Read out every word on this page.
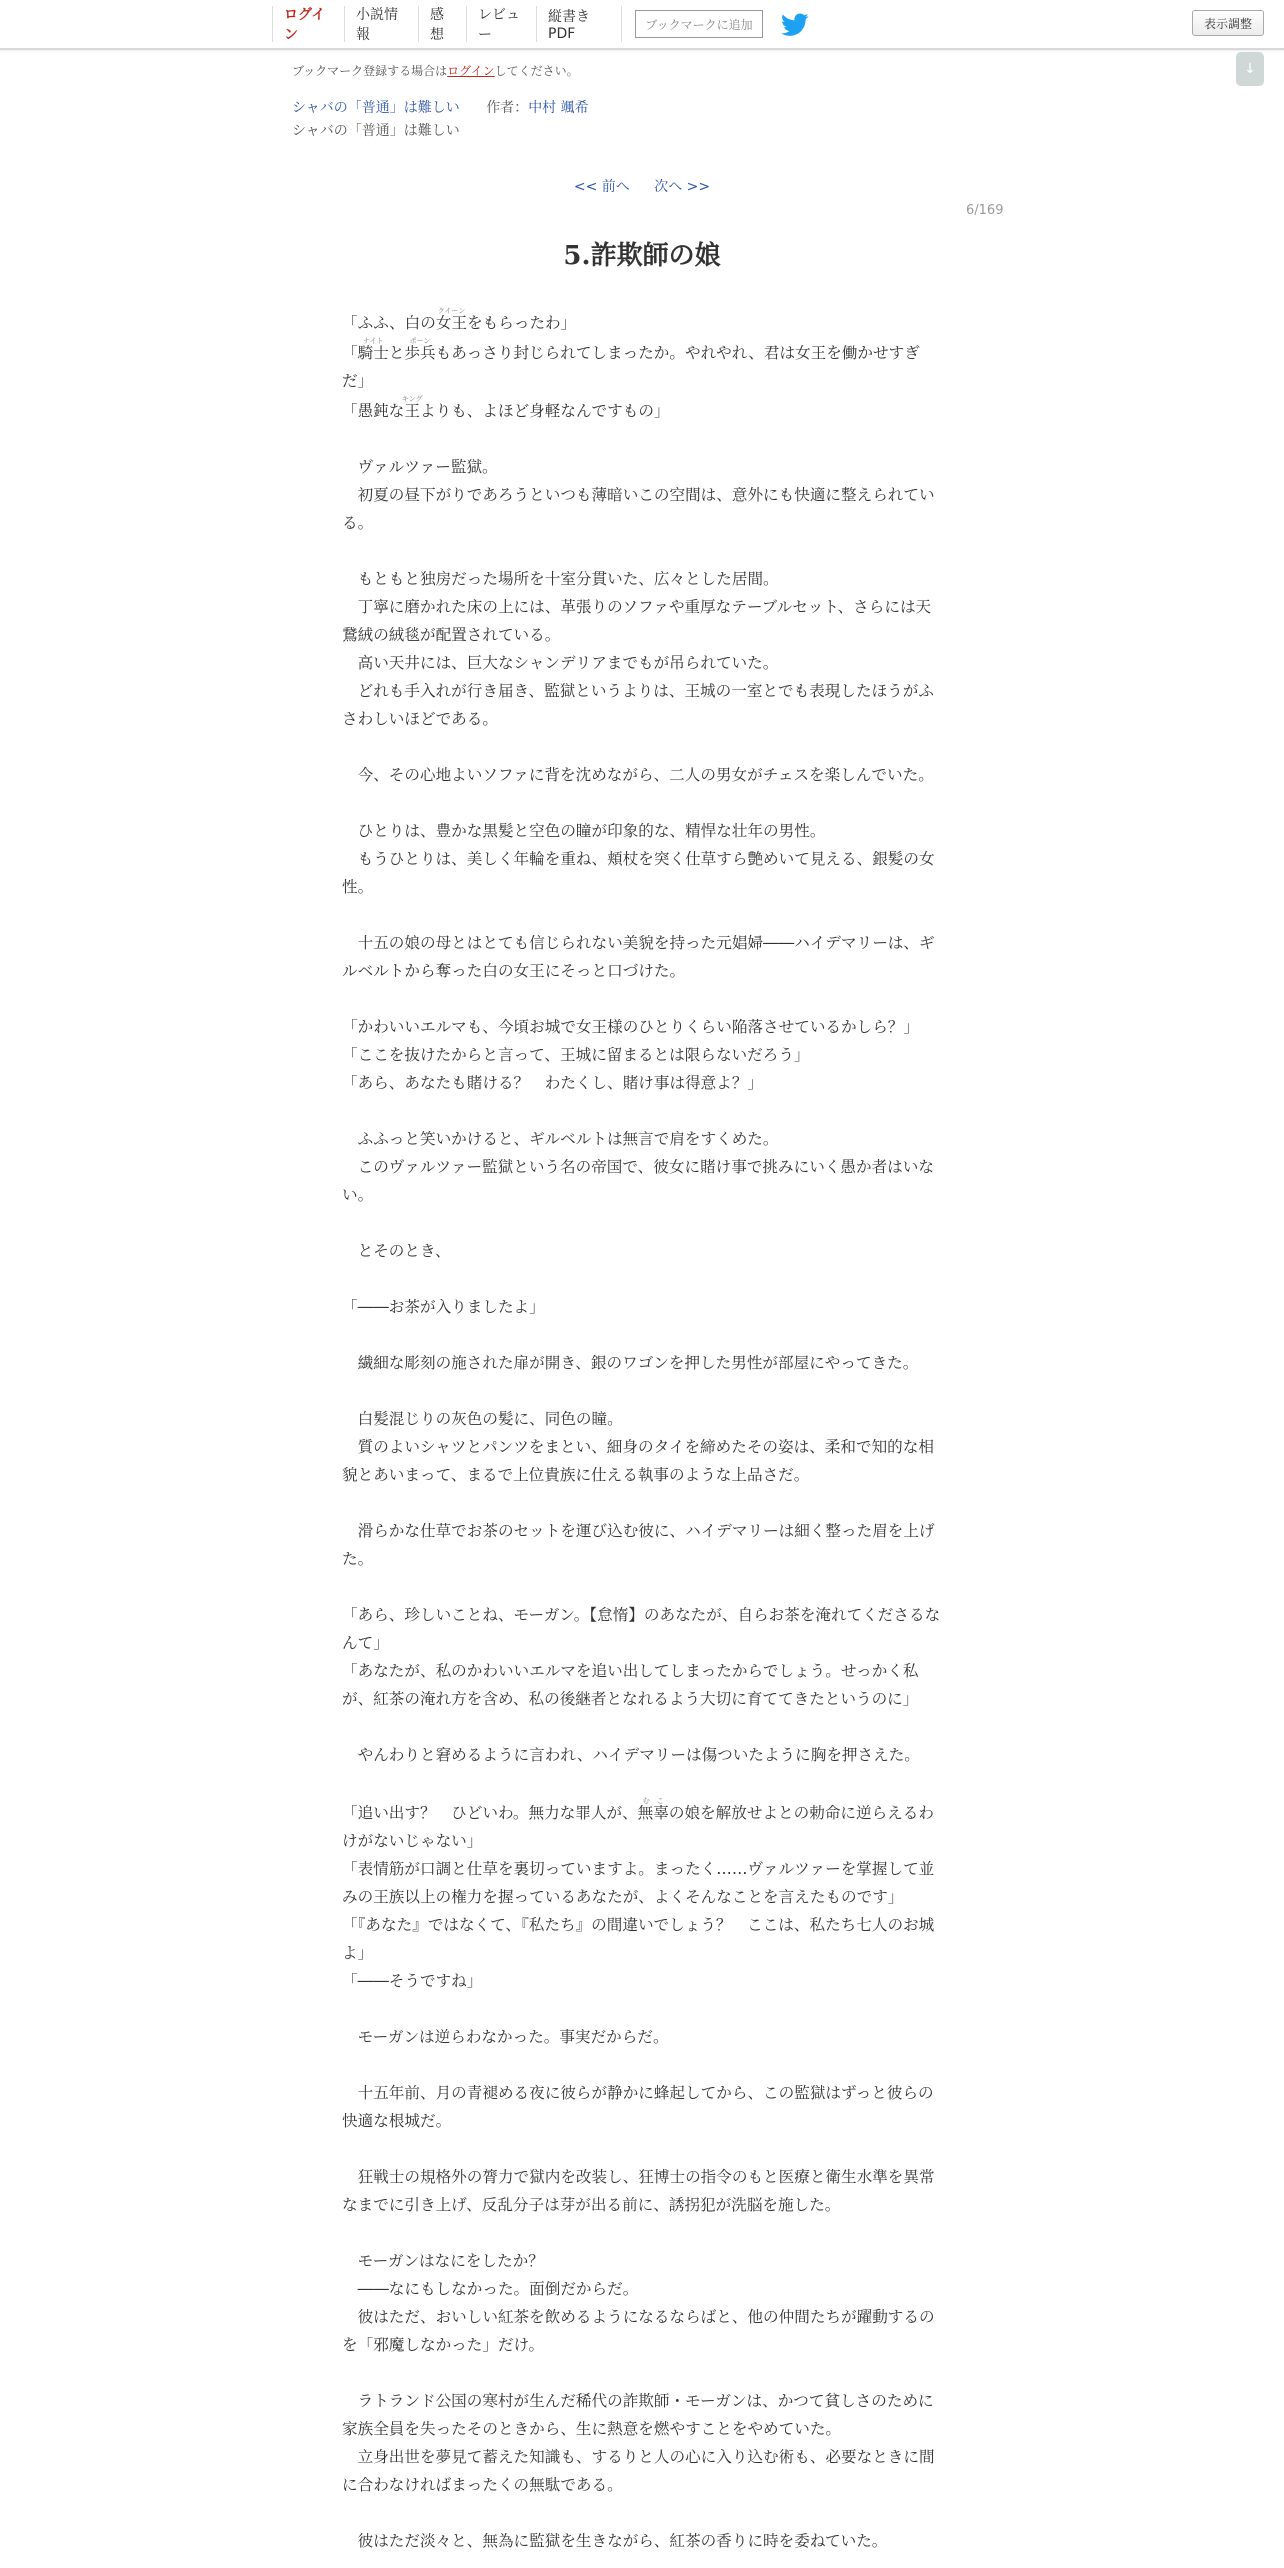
ログイン
小説情報
感想
レビュー
縦書きPDF
ブックマークに追加	表示調整
↓
ブックマーク登録する場合はログインしてください。
シャバの「普通」は難しい 作者：中村 颯希
シャバの「普通」は難しい
<< 前へ 次へ >>
6/169
5.詐欺師の娘

「ふふ、白の女王クイーンをもらったわ」

「騎士ナイトと歩兵ポーンもあっさり封じられてしまったか。やれやれ、君は女王を働かせすぎだ」

「愚鈍な王キングよりも、よほど身軽なんですもの」

　ヴァルツァー監獄。

　初夏の昼下がりであろうといつも薄暗いこの空間は、意外にも快適に整えられている。

　もともと独房だった場所を十室分貫いた、広々とした居間。

　丁寧に磨かれた床の上には、革張りのソファや重厚なテーブルセット、さらには天鵞絨の絨毯が配置されている。

　高い天井には、巨大なシャンデリアまでもが吊られていた。

　どれも手入れが行き届き、監獄というよりは、王城の一室とでも表現したほうがふさわしいほどである。

　今、その心地よいソファに背を沈めながら、二人の男女がチェスを楽しんでいた。

　ひとりは、豊かな黒髪と空色の瞳が印象的な、精悍な壮年の男性。

　もうひとりは、美しく年輪を重ね、頬杖を突く仕草すら艶めいて見える、銀髪の女性。

　十五の娘の母とはとても信じられない美貌を持った元娼婦――ハイデマリーは、ギルベルトから奪った白の女王にそっと口づけた。

「かわいいエルマも、今頃お城で女王様のひとりくらい陥落させているかしら？」

「ここを抜けたからと言って、王城に留まるとは限らないだろう」

「あら、あなたも賭ける？　わたくし、賭け事は得意よ？」

　ふふっと笑いかけると、ギルベルトは無言で肩をすくめた。

　このヴァルツァー監獄という名の帝国で、彼女に賭け事で挑みにいく愚か者はいない。

　とそのとき、

「――お茶が入りましたよ」

　繊細な彫刻の施された扉が開き、銀のワゴンを押した男性が部屋にやってきた。

　白髪混じりの灰色の髪に、同色の瞳。

　質のよいシャツとパンツをまとい、細身のタイを締めたその姿は、柔和で知的な相貌とあいまって、まるで上位貴族に仕える執事のような上品さだ。

　滑らかな仕草でお茶のセットを運び込む彼に、ハイデマリーは細く整った眉を上げた。

「あら、珍しいことね、モーガン。【怠惰】のあなたが、自らお茶を淹れてくださるなんて」

「あなたが、私のかわいいエルマを追い出してしまったからでしょう。せっかく私が、紅茶の淹れ方を含め、私の後継者となれるよう大切に育ててきたというのに」

　やんわりと窘めるように言われ、ハイデマリーは傷ついたように胸を押さえた。

「追い出す？　ひどいわ。無力な罪人が、無辜む　この娘を解放せよとの勅命に逆らえるわけがないじゃない」

「表情筋が口調と仕草を裏切っていますよ。まったく……ヴァルツァーを掌握して並みの王族以上の権力を握っているあなたが、よくそんなことを言えたものです」

「『あなた』ではなくて、『私たち』の間違いでしょう？　ここは、私たち七人のお城よ」

「――そうですね」

　モーガンは逆らわなかった。事実だからだ。

　十五年前、月の青褪める夜に彼らが静かに蜂起してから、この監獄はずっと彼らの快適な根城だ。

　狂戦士の規格外の膂力で獄内を改装し、狂博士の指令のもと医療と衛生水準を異常なまでに引き上げ、反乱分子は芽が出る前に、誘拐犯が洗脳を施した。

　モーガンはなにをしたか？

　――なにもしなかった。面倒だからだ。

　彼はただ、おいしい紅茶を飲めるようになるならばと、他の仲間たちが躍動するのを「邪魔しなかった」だけ。

　ラトランド公国の寒村が生んだ稀代の詐欺師・モーガンは、かつて貧しさのために家族全員を失ったそのときから、生に熱意を燃やすことをやめていた。

　立身出世を夢見て蓄えた知識も、するりと人の心に入り込む術も、必要なときに間に合わなければまったくの無駄である。

　彼はただ淡々と、無為に監獄を生きながら、紅茶の香りに時を委ねていた。
